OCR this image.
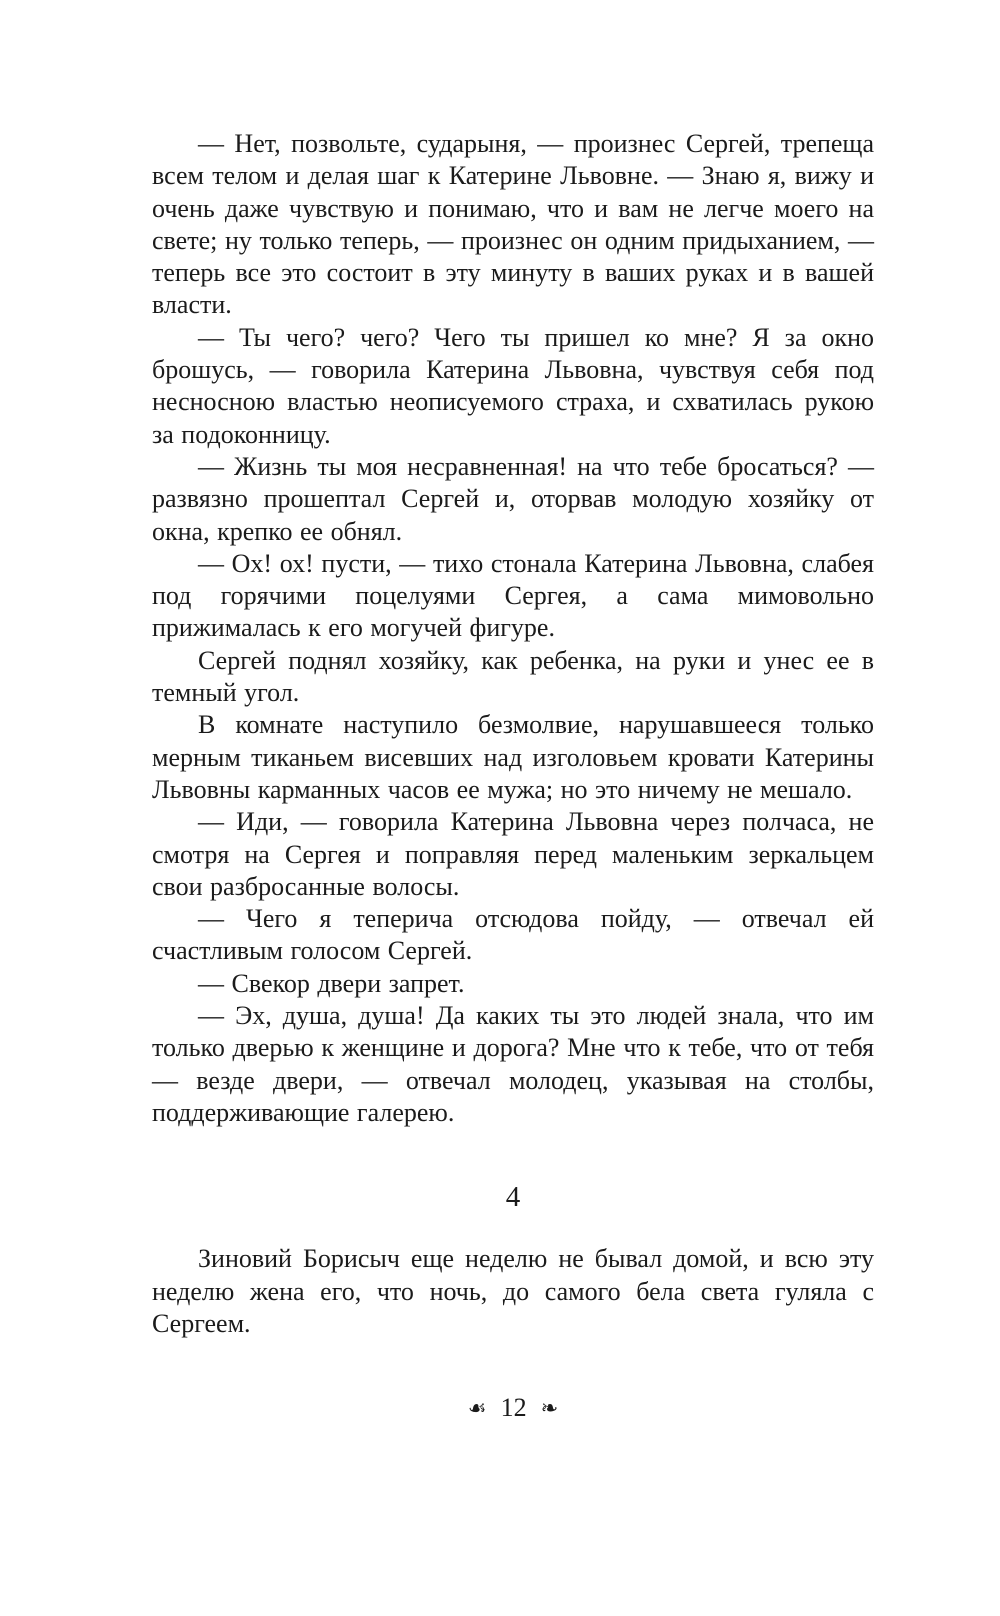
— Нет, позвольте, сударыня, — произнес Сергей, трепеща всем телом и делая шаг к Катерине Львовне. — Знаю я, вижу и очень даже чувствую и понимаю, что и вам не легче моего на свете; ну только теперь, — произнес он одним придыханием, — теперь все это состоит в эту минуту в ваших руках и в вашей власти.

— Ты чего? чего? Чего ты пришел ко мне? Я за окно брошусь, — говорила Катерина Львовна, чувствуя себя под несносною властью неописуемого страха, и схватилась рукою за подоконницу.

— Жизнь ты моя несравненная! на что тебе бросаться? — развязно прошептал Сергей и, оторвав молодую хозяйку от окна, крепко ее обнял.

— Ох! ох! пусти, — тихо стонала Катерина Львовна, слабея под горячими поцелуями Сергея, а сама мимовольно прижималась к его могучей фигуре.

Сергей поднял хозяйку, как ребенка, на руки и унес ее в темный угол.

В комнате наступило безмолвие, нарушавшееся только мерным тиканьем висевших над изголовьем кровати Катерины Львовны карманных часов ее мужа; но это ничему не мешало.

— Иди, — говорила Катерина Львовна через полчаса, не смотря на Сергея и поправляя перед маленьким зеркальцем свои разбросанные волосы.

— Чего я теперича отсюдова пойду, — отвечал ей счастливым голосом Сергей.

— Свекор двери запрет.

— Эх, душа, душа! Да каких ты это людей знала, что им только дверью к женщине и дорога? Мне что к тебе, что от тебя — везде двери, — отвечал молодец, указывая на столбы, поддерживающие галерею.

4

Зиновий Борисыч еще неделю не бывал домой, и всю эту неделю жена его, что ночь, до самого бела света гуляла с Сергеем.

☙ 12 ❧
